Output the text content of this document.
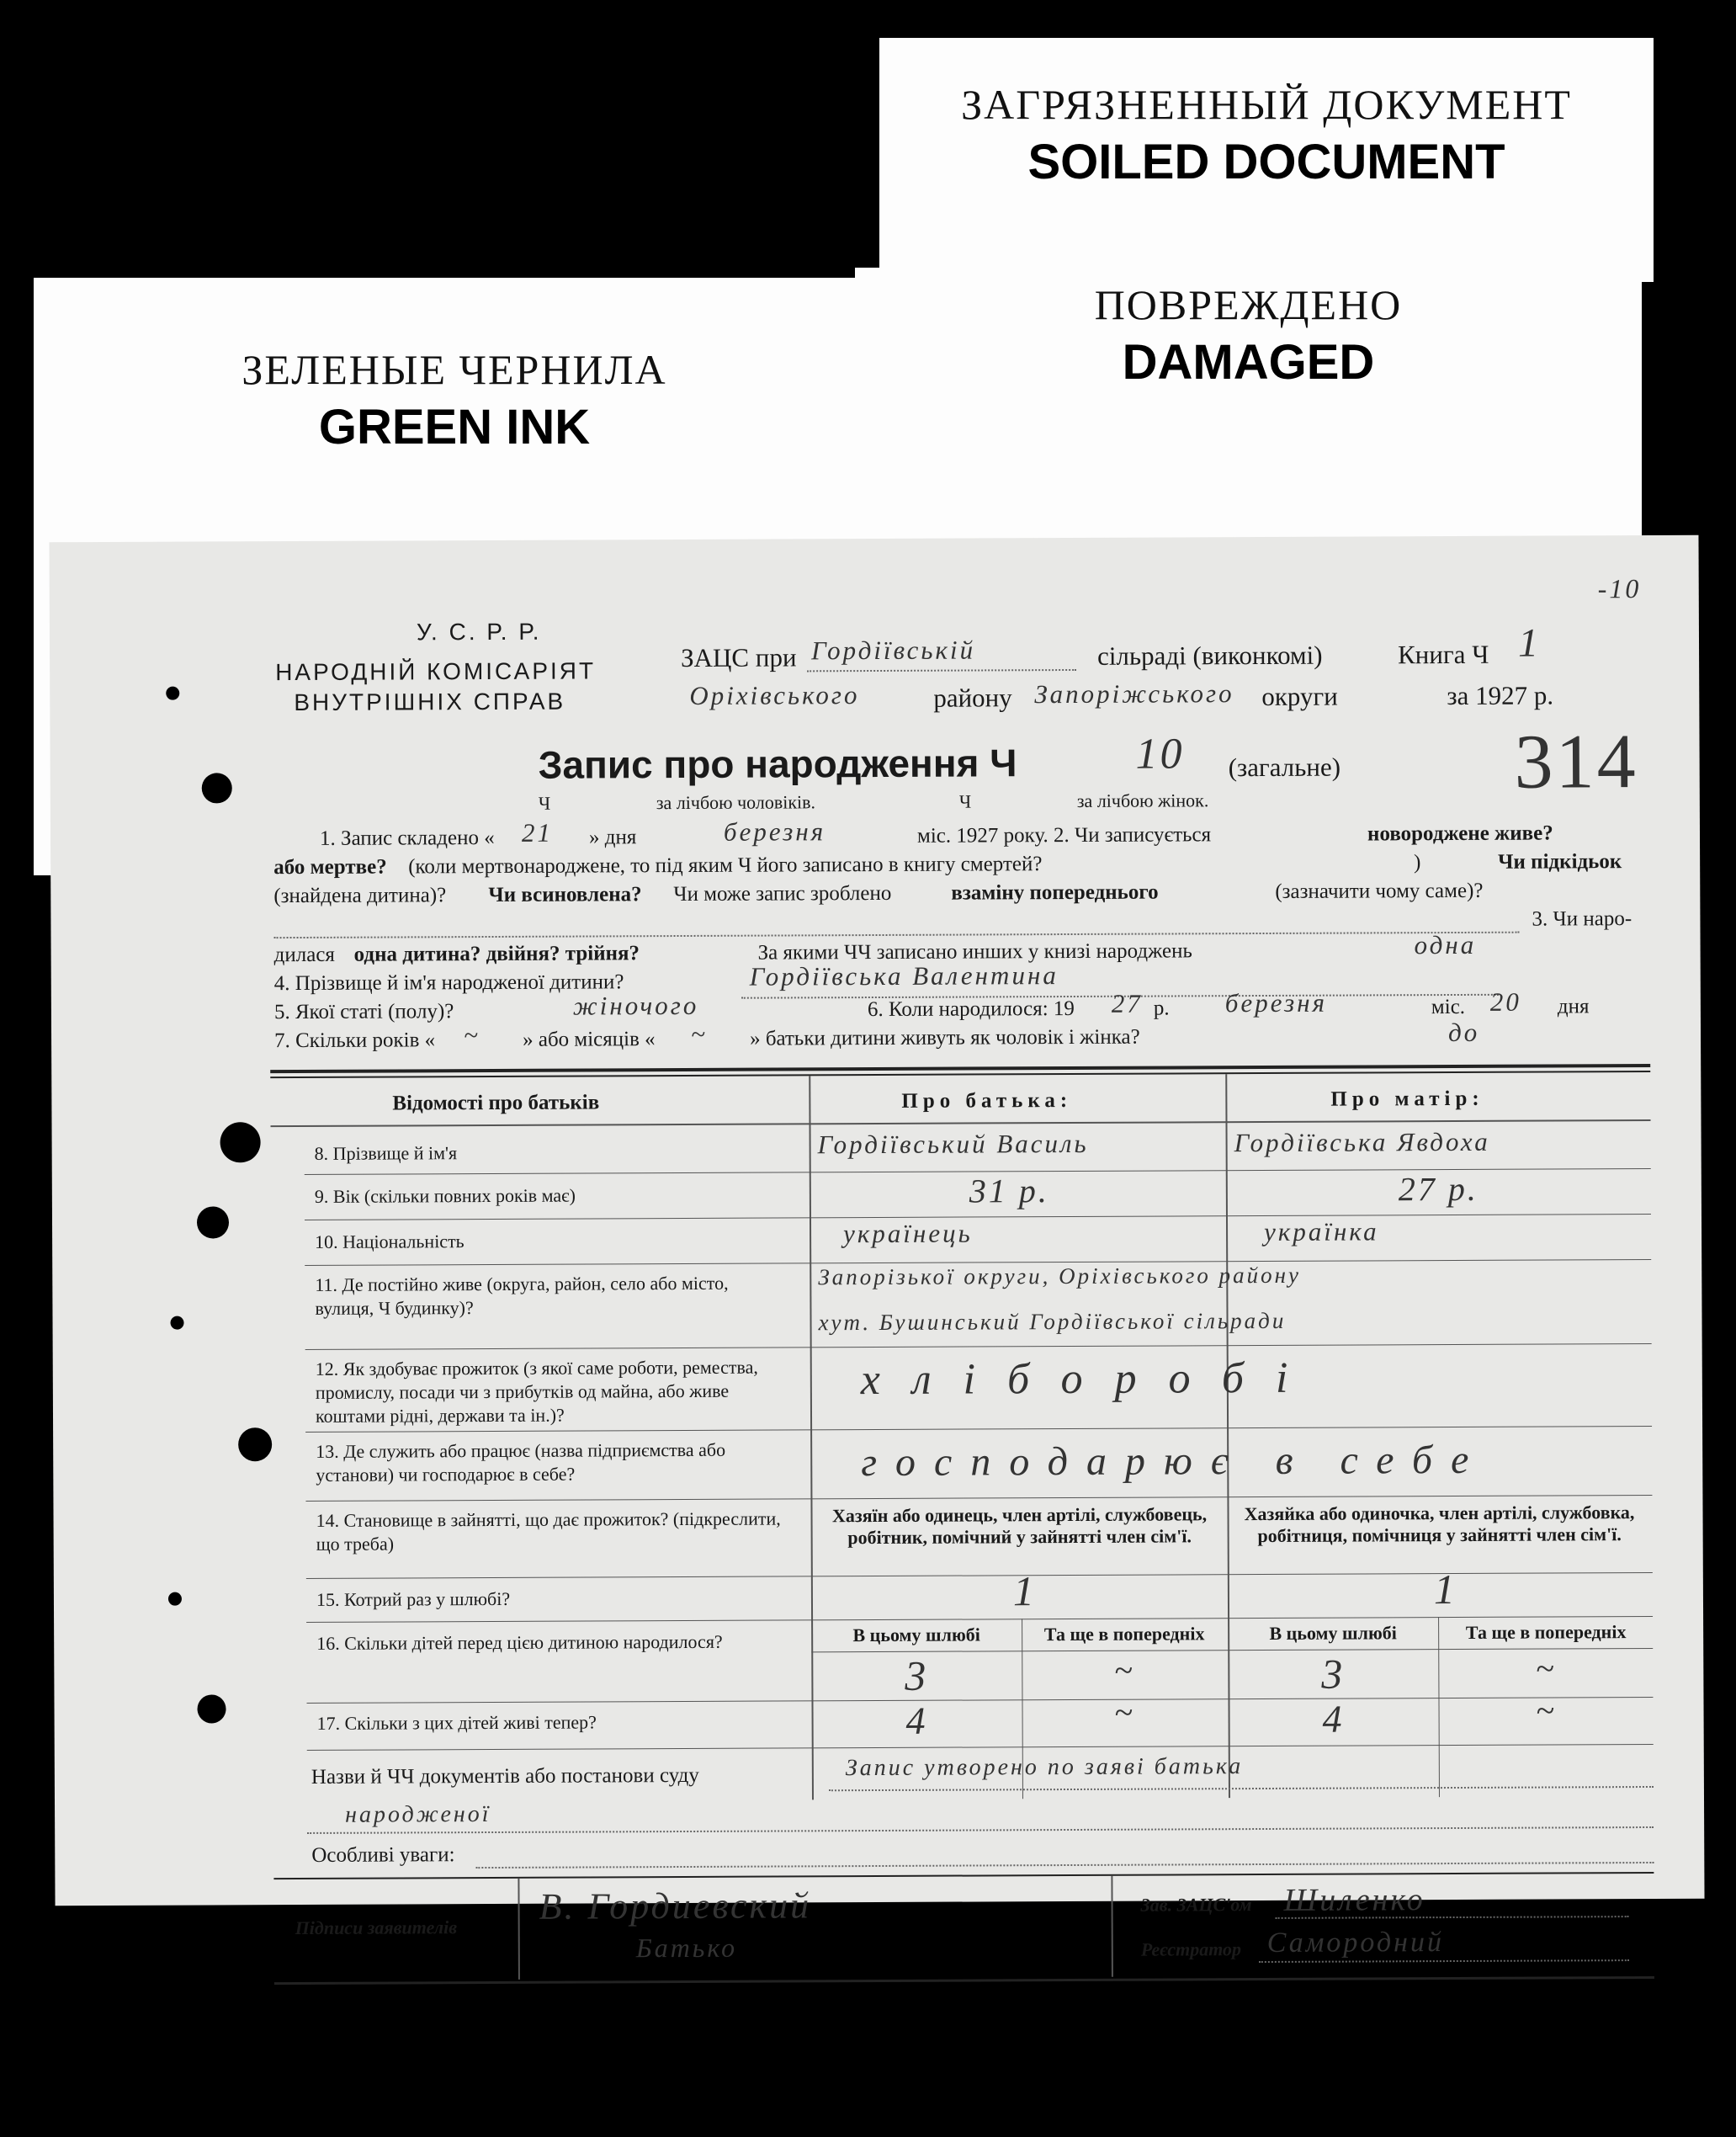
ЗАГРЯЗНЕННЫЙ ДОКУМЕНТ
SOILED DOCUMENT
ПОВРЕЖДЕНО
DAMAGED
ЗЕЛЕНЫЕ ЧЕРНИЛА
GREEN INK
У. С. Р. Р.
НАРОДНІЙ КОМІСАРІЯТ
ВНУТРІШНІХ СПРАВ
ЗАЦС при Гордіївській	сільраді (виконкомі)	Книга Ч 1
Оріхівського	району Запоріжського округи	за 1927 р.
-10
314
Запис про народження Ч	10 (загальне)
Ч	за лічбою чоловіків.	Ч	за лічбою жінок.
1. Запис складено « 21 » дня	березня	міс. 1927 року. 2. Чи записується	новороджене живе?
або мертве? (коли мертвонароджене, то під яким Ч його записано в книгу смертей?	)	Чи підкідьок
(знайдена дитина)? Чи всиновлена? Чи може запис зроблено	взаміну попереднього	(зазначити чому саме)?
3. Чи наро-
дилася одна дитина? двійня? трійня?	За якими ЧЧ записано инших у книзі народжень	одна
4. Прізвище й ім'я народженої дитини?	Гордіївська Валентина
5. Якої статі (полу)?	жіночого	6. Коли народилося: 19 27 р. березня	міс. 20 дня
7. Скільки років « ~ » або місяців « ~ » батьки дитини живуть як чоловік і жінка?	до
Відомості про батьків	Про батька:	Про матір:
8. Прізвище й ім'я	Гордіївський Василь	Гордіївська Явдоха
9. Вік (скільки повних років має)	31 р.	27 р.
10. Національність	українець	українка
11. Де постійно живе (округа, район, село або місто, вулиця, Ч будинку)?
Запорізької округи, Оріхівського району
хут. Бушинський Гордіївської сільради
12. Як здобуває прожиток (з якої саме роботи, ремества, промислу, посади чи з прибутків од майна, або живе коштами рідні, держави та ін.)?
хліборобі
13. Де служить або працює (назва підприємства або установи) чи господарює в себе?	господарює в себе
14. Становище в зайнятті, що дає прожиток? (підкреслити, що треба)
Хазяїн або одинець, член артілі, службовець, робітник, помічний у зайнятті член сім'ї.
Хазяйка або одиночка, член артілі, службовка, робітниця, помічниця у зайнятті член сім'ї.
15. Котрий раз у шлюбі?	1	1
16. Скільки дітей перед цією дитиною народилося?	В цьому шлюбі	Та ще в попередніх	В цьому шлюбі	Та ще в попередніх
3	~	3	~
17. Скільки з цих дітей живі тепер?	4	~	4	~
Назви й ЧЧ документів або постанови суду	Запис утворено по заяві батька
народженої
Особливі уваги:
Підписи заявителів
В. Гордиевский
Батько
Зав. ЗАЦС'ом Шиленко
Реєстратор Самородний
